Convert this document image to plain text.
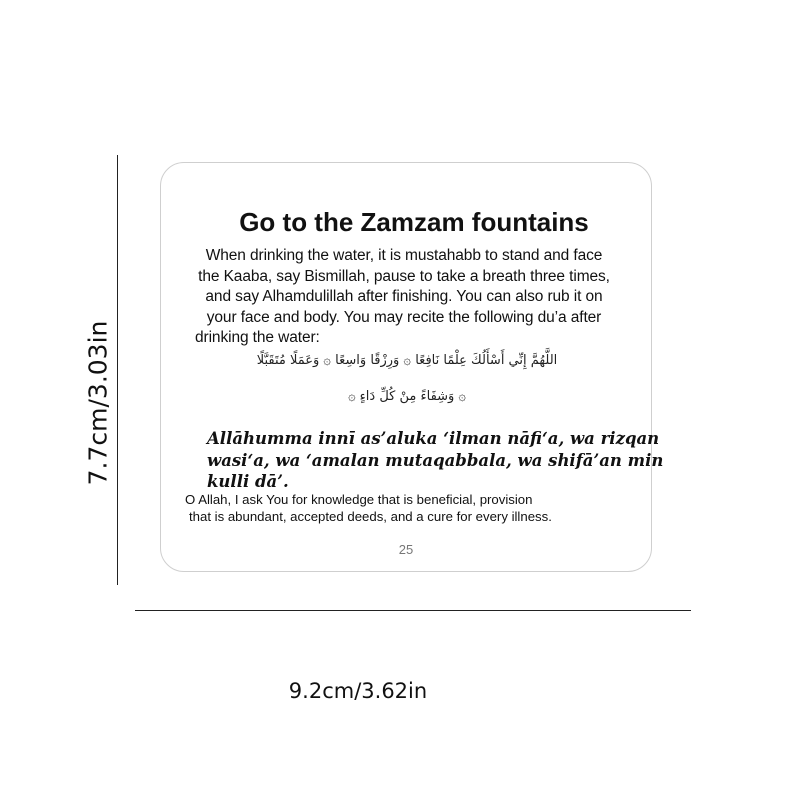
7.7cm/3.03in
9.2cm/3.62in
Go to the Zamzam fountains
When drinking the water, it is mustahabb to stand and face
the Kaaba, say Bismillah, pause to take a breath three times,
and say Alhamdulillah after finishing. You can also rub it on
your face and body. You may recite the following du’a after
drinking the water:
اللَّهُمَّ إِنِّي أَسْأَلُكَ عِلْمًا نَافِعًا ۞ وَرِزْقًا وَاسِعًا ۞ وَعَمَلًا مُتَقَبَّلًا
۞ وَشِفَاءً مِنْ كُلِّ دَاءٍ ۞
Allāhumma innī as’aluka ‘ilman nāfi‘a, wa rizqan
wasi‘a, wa ‘amalan mutaqabbala, wa shifā’an min
kulli dā’.
O Allah, I ask You for knowledge that is beneficial, provision
that is abundant, accepted deeds, and a cure for every illness.
25
